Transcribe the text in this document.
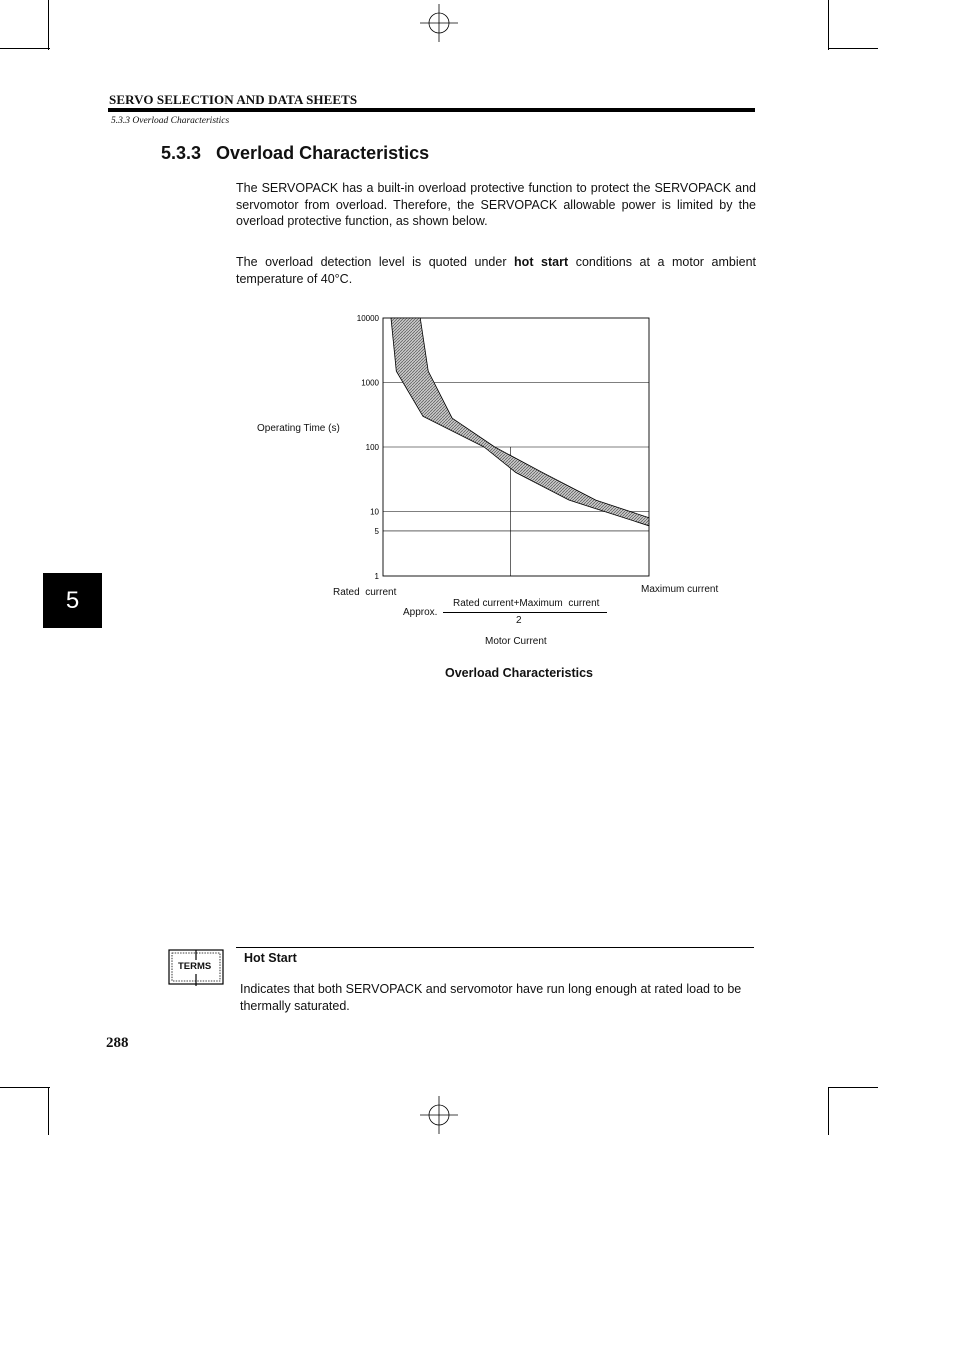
SERVO SELECTION AND DATA SHEETS
5.3.3 Overload Characteristics
5.3.3   Overload Characteristics
The SERVOPACK has a built-in overload protective function to protect the SERVOPACK and servomotor from overload. Therefore, the SERVOPACK allowable power is limited by the overload protective function, as shown below.
The overload detection level is quoted under hot start conditions at a motor ambient temperature of 40°C.
5
Operating Time (s)
10000
1000
100
10
5
1
Rated  current	Maximum current
Approx.
Rated current+Maximum  current
2
Motor Current
Overload Characteristics
TERMS
Hot Start
Indicates that both SERVOPACK and servomotor have run long enough at rated load to be thermally saturated.
288
